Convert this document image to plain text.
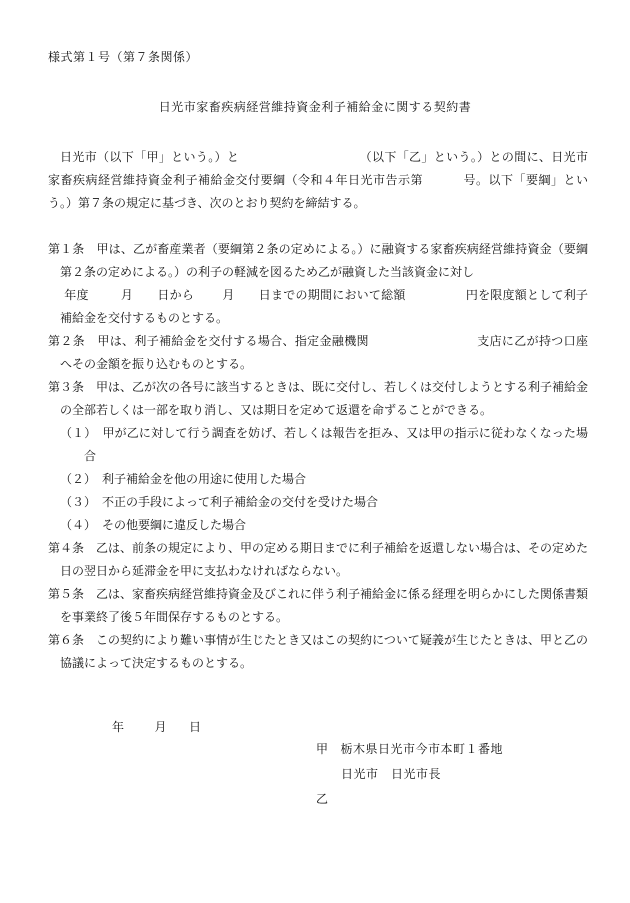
様式第１号（第７条関係）
日光市家畜疾病経営維持資金利子補給金に関する契約書
日光市（以下「甲」という。）と	（以下「乙」という。）との間に、日光市家畜疾病経営維持資金利子補給金交付要綱（令和４年日光市告示第	号。以下「要綱」という。）第７条の規定に基づき、次のとおり契約を締結する。

第１条　甲は、乙が畜産業者（要綱第２条の定めによる。）に融資する家畜疾病経営維持資金（要綱第２条の定めによる。）の利子の軽減を図るため乙が融資した当該資金に対し
年度	月 日から 月 日までの期間において総額	円を限度額として利子補給金を交付するものとする。

第２条　甲は、利子補給金を交付する場合、指定金融機関	支店に乙が持つ口座へその金額を振り込むものとする。

第３条　甲は、乙が次の各号に該当するときは、既に交付し、若しくは交付しようとする利子補給金の全部若しくは一部を取り消し、又は期日を定めて返還を命ずることができる。

（１）　甲が乙に対して行う調査を妨げ、若しくは報告を拒み、又は甲の指示に従わなくなった場合

（２）　利子補給金を他の用途に使用した場合

（３）　不正の手段によって利子補給金の交付を受けた場合

（４）　その他要綱に違反した場合

第４条　乙は、前条の規定により、甲の定める期日までに利子補給を返還しない場合は、その定めた日の翌日から延滞金を甲に支払わなければならない。

第５条　乙は、家畜疾病経営維持資金及びこれに伴う利子補給金に係る経理を明らかにした関係書類を事業終了後５年間保存するものとする。

第６条　この契約により難い事情が生じたとき又はこの契約について疑義が生じたときは、甲と乙の協議によって決定するものとする。

年	月 日
甲 栃木県日光市今市本町１番地
日光市　日光市長
乙
